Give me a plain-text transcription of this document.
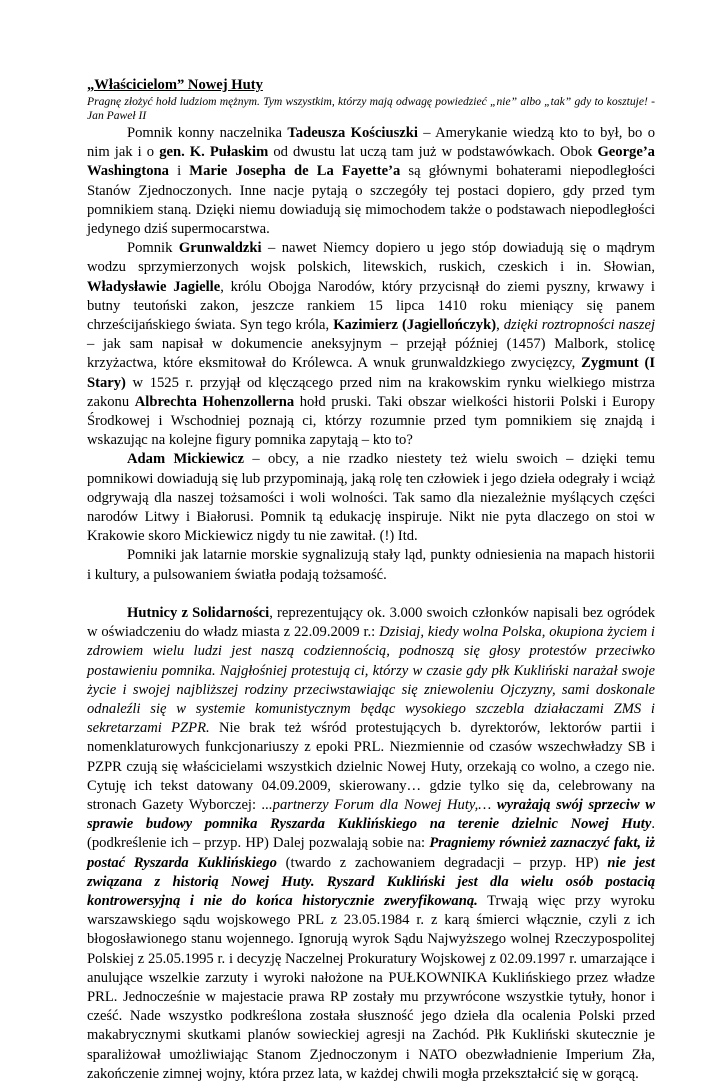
„Właścicielom” Nowej Huty

Pragnę złożyć hołd ludziom mężnym. Tym wszystkim, którzy mają odwagę powiedzieć „nie” albo „tak” gdy to kosztuje! - Jan Paweł II

Pomnik konny naczelnika Tadeusza Kościuszki – Amerykanie wiedzą kto to był, bo o nim jak i o gen. K. Pułaskim od dwustu lat uczą tam już w podstawówkach. Obok George’a Washingtona i Marie Josepha de La Fayette’a są głównymi bohaterami niepodległości Stanów Zjednoczonych. Inne nacje pytają o szczegóły tej postaci dopiero, gdy przed tym pomnikiem staną. Dzięki niemu dowiadują się mimochodem także o podstawach niepodległości jedynego dziś supermocarstwa.

Pomnik Grunwaldzki – nawet Niemcy dopiero u jego stóp dowiadują się o mądrym wodzu sprzymierzonych wojsk polskich, litewskich, ruskich, czeskich i in. Słowian, Władysławie Jagielle, królu Obojga Narodów, który przycisnął do ziemi pyszny, krwawy i butny teutoński zakon, jeszcze rankiem 15 lipca 1410 roku mieniący się panem chrześcijańskiego świata. Syn tego króla, Kazimierz (Jagiellończyk), dzięki roztropności naszej – jak sam napisał w dokumencie aneksyjnym – przejął później (1457) Malbork, stolicę krzyżactwa, które eksmitował do Królewca. A wnuk grunwaldzkiego zwycięzcy, Zygmunt (I Stary) w 1525 r. przyjął od klęczącego przed nim na krakowskim rynku wielkiego mistrza zakonu Albrechta Hohenzollerna hołd pruski. Taki obszar wielkości historii Polski i Europy Środkowej i Wschodniej poznają ci, którzy rozumnie przed tym pomnikiem się znajdą i wskazując na kolejne figury pomnika zapytają – kto to?

Adam Mickiewicz – obcy, a nie rzadko niestety też wielu swoich – dzięki temu pomnikowi dowiadują się lub przypominają, jaką rolę ten człowiek i jego dzieła odegrały i wciąż odgrywają dla naszej tożsamości i woli wolności. Tak samo dla niezależnie myślących części narodów Litwy i Białorusi. Pomnik tą edukację inspiruje. Nikt nie pyta dlaczego on stoi w Krakowie skoro Mickiewicz nigdy tu nie zawitał. (!) Itd.

Pomniki jak latarnie morskie sygnalizują stały ląd, punkty odniesienia na mapach historii i kultury, a pulsowaniem światła podają tożsamość.

Hutnicy z Solidarności, reprezentujący ok. 3.000 swoich członków napisali bez ogródek w oświadczeniu do władz miasta z 22.09.2009 r.: Dzisiaj, kiedy wolna Polska, okupiona życiem i zdrowiem wielu ludzi jest naszą codziennością, podnoszą się głosy protestów przeciwko postawieniu pomnika. Najgłośniej protestują ci, którzy w czasie gdy płk Kukliński narażał swoje życie i swojej najbliższej rodziny przeciwstawiając się zniewoleniu Ojczyzny, sami doskonale odnaleźli się w systemie komunistycznym będąc wysokiego szczebla działaczami ZMS i sekretarzami PZPR. Nie brak też wśród protestujących b. dyrektorów, lektorów partii i nomenklaturowych funkcjonariuszy z epoki PRL. Niezmiennie od czasów wszechwładzy SB i PZPR czują się właścicielami wszystkich dzielnic Nowej Huty, orzekają co wolno, a czego nie. Cytuję ich tekst datowany 04.09.2009, skierowany… gdzie tylko się da, celebrowany na stronach Gazety Wyborczej: ...partnerzy Forum dla Nowej Huty,… wyrażają swój sprzeciw w sprawie budowy pomnika Ryszarda Kuklińskiego na terenie dzielnic Nowej Huty. (podkreślenie ich – przyp. HP) Dalej pozwalają sobie na: Pragniemy również zaznaczyć fakt, iż postać Ryszarda Kuklińskiego (twardo z zachowaniem degradacji – przyp. HP) nie jest związana z historią Nowej Huty. Ryszard Kukliński jest dla wielu osób postacią kontrowersyjną i nie do końca historycznie zweryfikowaną. Trwają więc przy wyroku warszawskiego sądu wojskowego PRL z 23.05.1984 r. z karą śmierci włącznie, czyli z ich błogosławionego stanu wojennego. Ignorują wyrok Sądu Najwyższego wolnej Rzeczypospolitej Polskiej z 25.05.1995 r. i decyzję Naczelnej Prokuratury Wojskowej z 02.09.1997 r. umarzające i anulujące wszelkie zarzuty i wyroki nałożone na PUŁKOWNIKA Kuklińskiego przez władze PRL. Jednocześnie w majestacie prawa RP zostały mu przywrócone wszystkie tytuły, honor i cześć. Nade wszystko podkreślona została słuszność jego dzieła dla ocalenia Polski przed makabrycznymi skutkami planów sowieckiej agresji na Zachód. Płk Kukliński skutecznie je sparaliżował umożliwiając Stanom Zjednoczonym i NATO obezwładnienie Imperium Zła, zakończenie zimnej wojny, która przez lata, w każdej chwili mogła przekształcić się w gorącą.
